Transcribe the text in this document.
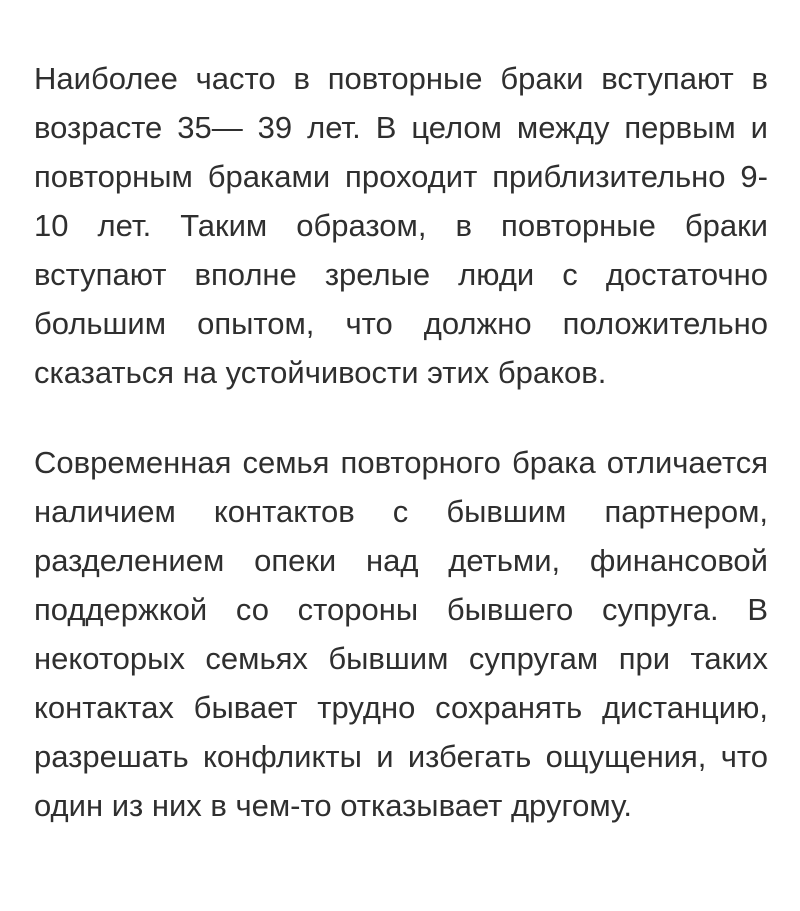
Наиболее часто в повторные браки вступают в возрасте 35— 39 лет. В целом между первым и повторным браками проходит приблизительно 9-10 лет. Таким образом, в повторные браки вступают вполне зрелые люди с достаточно большим опытом, что должно положительно сказаться на устойчивости этих браков.

Современная семья повторного брака отличается наличием контактов с бывшим партнером, разделением опеки над детьми, финансовой поддержкой со стороны бывшего супруга. В некоторых семьях бывшим супругам при таких контактах бывает трудно сохранять дистанцию, разрешать конфликты и избегать ощущения, что один из них в чем-то отказывает другому.
